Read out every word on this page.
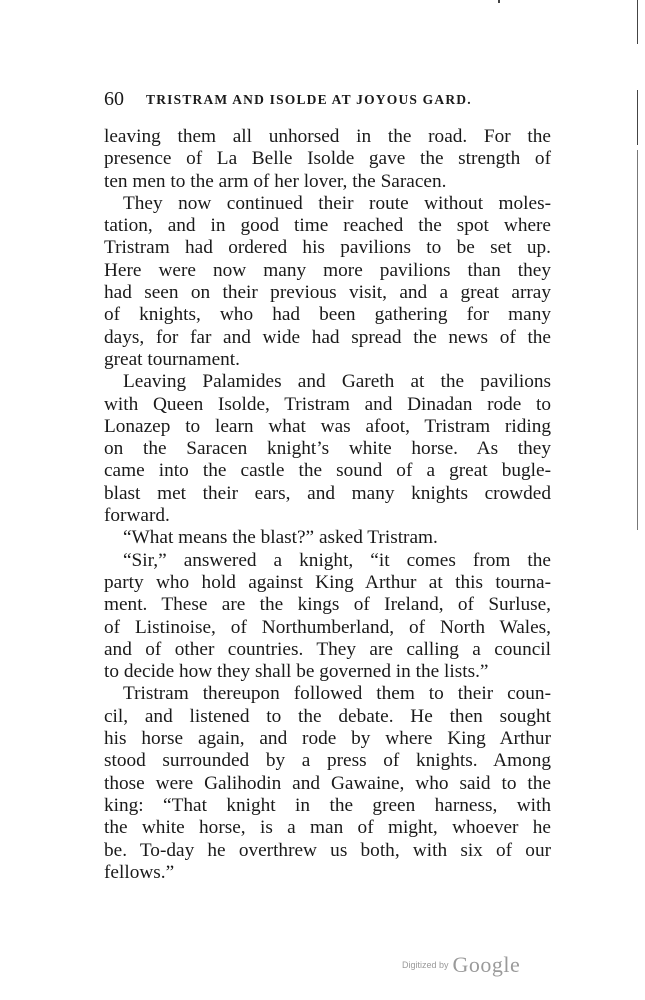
60 TRISTRAM AND ISOLDE AT JOYOUS GARD.
leaving them all unhorsed in the road. For the
presence of La Belle Isolde gave the strength of
ten men to the arm of her lover, the Saracen.
They now continued their route without moles-
tation, and in good time reached the spot where
Tristram had ordered his pavilions to be set up.
Here were now many more pavilions than they
had seen on their previous visit, and a great array
of knights, who had been gathering for many
days, for far and wide had spread the news of the
great tournament.
Leaving Palamides and Gareth at the pavilions
with Queen Isolde, Tristram and Dinadan rode to
Lonazep to learn what was afoot, Tristram riding
on the Saracen knight’s white horse. As they
came into the castle the sound of a great bugle-
blast met their ears, and many knights crowded
forward.
“What means the blast?” asked Tristram.
“Sir,” answered a knight, “it comes from the
party who hold against King Arthur at this tourna-
ment. These are the kings of Ireland, of Surluse,
of Listinoise, of Northumberland, of North Wales,
and of other countries. They are calling a council
to decide how they shall be governed in the lists.”
Tristram thereupon followed them to their coun-
cil, and listened to the debate. He then sought
his horse again, and rode by where King Arthur
stood surrounded by a press of knights. Among
those were Galihodin and Gawaine, who said to the
king: “That knight in the green harness, with
the white horse, is a man of might, whoever he
be. To-day he overthrew us both, with six of our
fellows.”
Digitized by Google
